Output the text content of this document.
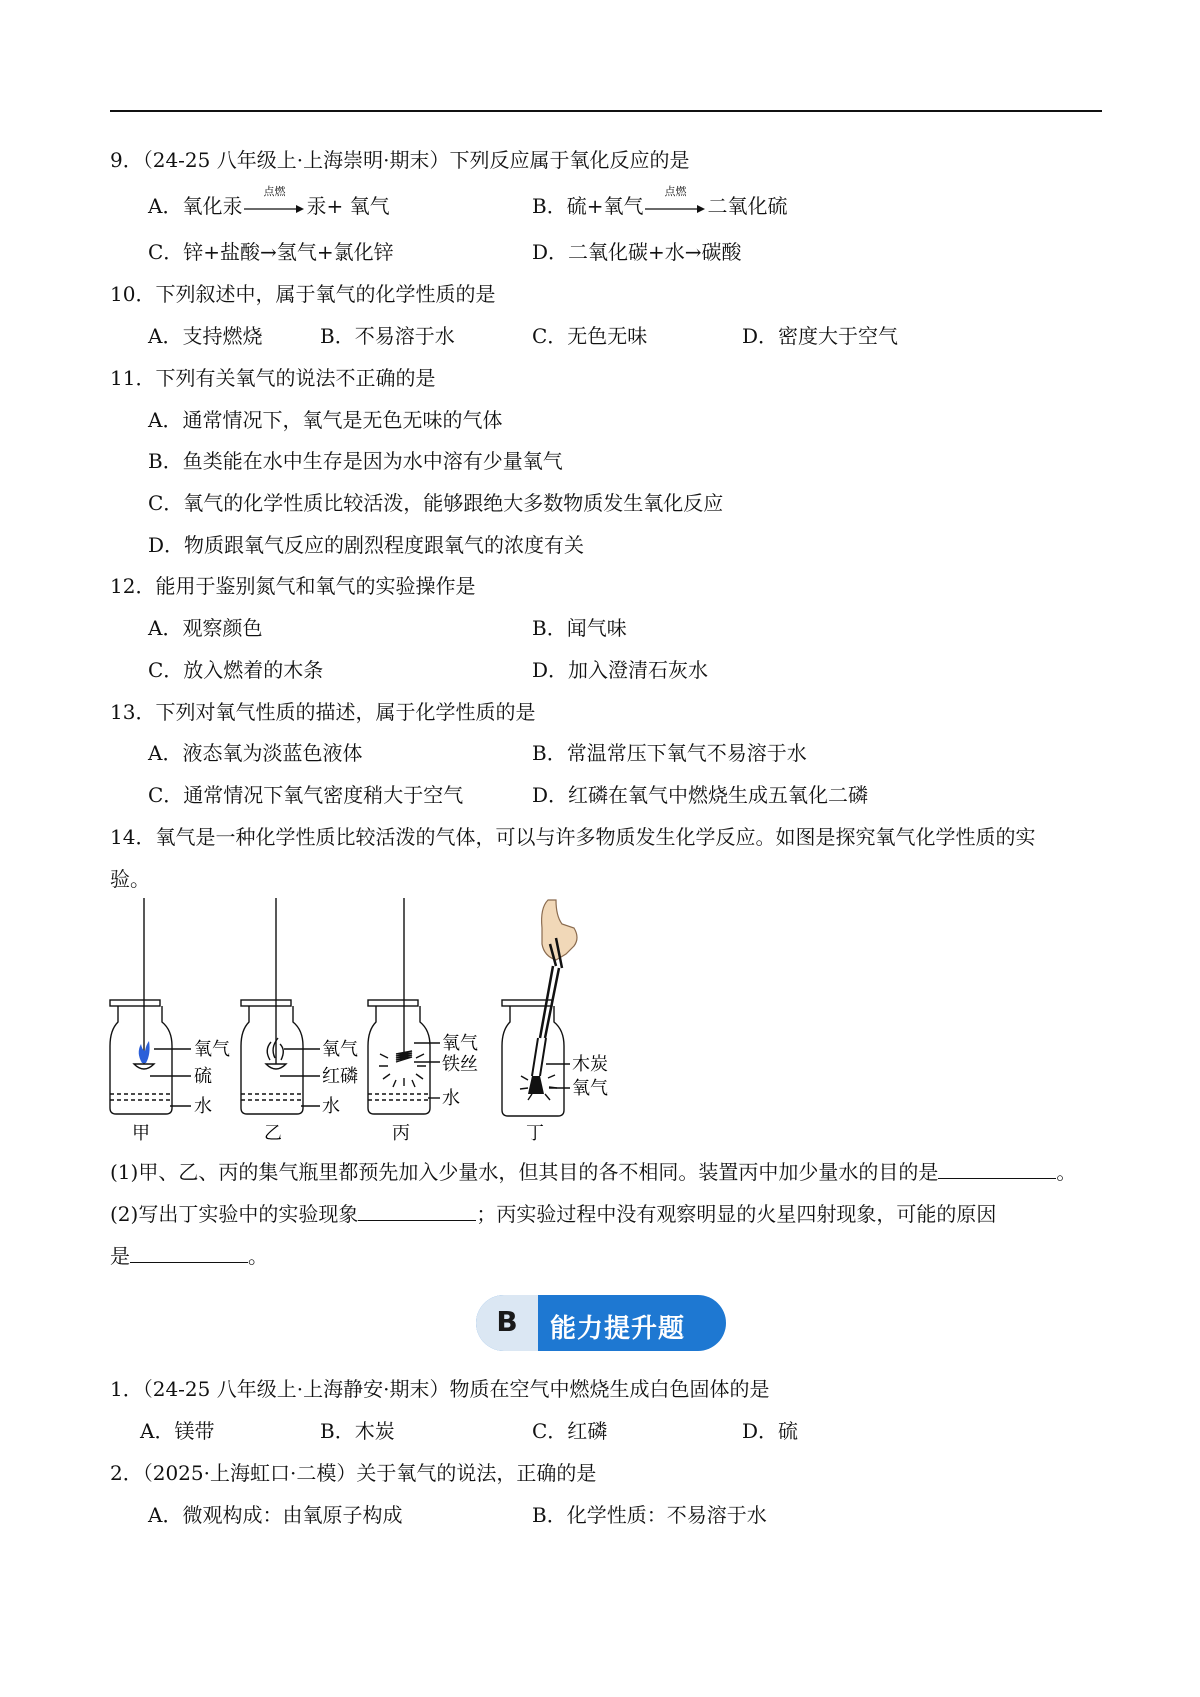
9．（24-25 八年级上·上海崇明·期末）下列反应属于氧化反应的是
A．氧化汞
点燃
汞+ 氧气	B．硫+氧气
点燃
二氧化硫
C．锌+盐酸→氢气+氯化锌	D．二氧化碳+水→碳酸
10．下列叙述中，属于氧气的化学性质的是
A．支持燃烧	B．不易溶于水	C．无色无味	D．密度大于空气
11．下列有关氧气的说法不正确的是
A．通常情况下，氧气是无色无味的气体
B．鱼类能在水中生存是因为水中溶有少量氧气
C．氧气的化学性质比较活泼，能够跟绝大多数物质发生氧化反应
D．物质跟氧气反应的剧烈程度跟氧气的浓度有关
12．能用于鉴别氮气和氧气的实验操作是
A．观察颜色	B．闻气味
C．放入燃着的木条	D．加入澄清石灰水
13．下列对氧气性质的描述，属于化学性质的是
A．液态氧为淡蓝色液体	B．常温常压下氧气不易溶于水
C．通常情况下氧气密度稍大于空气	D．红磷在氧气中燃烧生成五氧化二磷
14．氧气是一种化学性质比较活泼的气体，可以与许多物质发生化学反应。如图是探究氧气化学性质的实
验。
氧气
硫
水
甲
氧气
红磷
水
乙
氧气
铁丝
水
丙
木炭
氧气
丁
(1)甲、乙、丙的集气瓶里都预先加入少量水，但其目的各不相同。装置丙中加少量水的目的是	。
(2)写出丁实验中的实验现象	；丙实验过程中没有观察明显的火星四射现象，可能的原因
是	。
B	能力提升题
1．（24-25 八年级上·上海静安·期末）物质在空气中燃烧生成白色固体的是
A．镁带	B．木炭	C．红磷	D．硫
2．（2025·上海虹口·二模）关于氧气的说法，正确的是
A．微观构成：由氧原子构成	B．化学性质：不易溶于水
